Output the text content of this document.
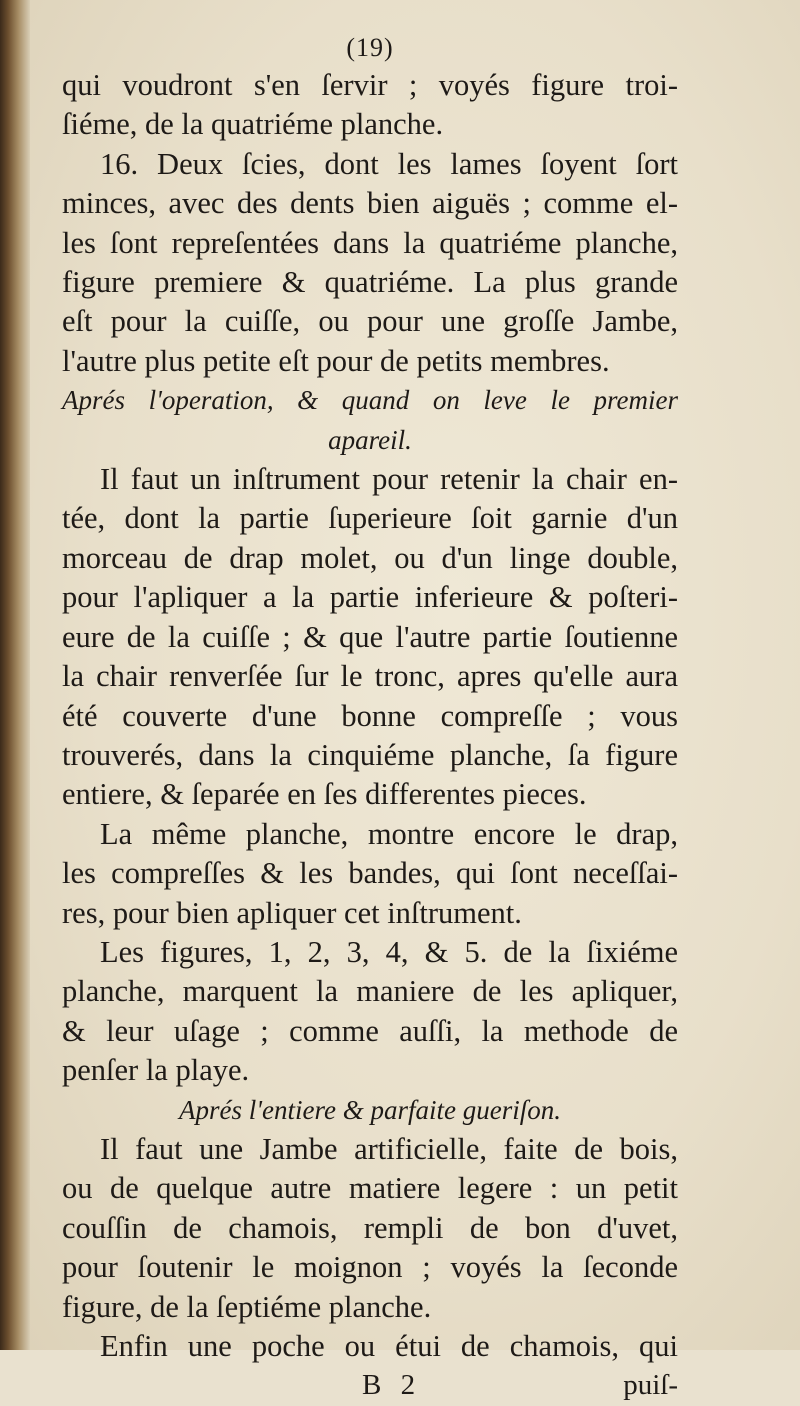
(19)
qui voudront s'en ſervir ; voyés figure troi-
ſiéme, de la quatriéme planche.
16. Deux ſcies, dont les lames ſoyent ſort
minces, avec des dents bien aiguës ; comme el-
les ſont repreſentées dans la quatriéme planche,
figure premiere & quatriéme. La plus grande
eſt pour la cuiſſe, ou pour une groſſe Jambe,
l'autre plus petite eſt pour de petits membres.
Aprés l'operation, & quand on leve le premier
apareil.
Il faut un inſtrument pour retenir la chair en-
tée, dont la partie ſuperieure ſoit garnie d'un
morceau de drap molet, ou d'un linge double,
pour l'apliquer a la partie inferieure & poſteri-
eure de la cuiſſe ; & que l'autre partie ſoutienne
la chair renverſée ſur le tronc, apres qu'elle aura
été couverte d'une bonne compreſſe ; vous
trouverés, dans la cinquiéme planche, ſa figure
entiere, & ſeparée en ſes differentes pieces.
La même planche, montre encore le drap,
les compreſſes & les bandes, qui ſont neceſſai-
res, pour bien apliquer cet inſtrument.
Les figures, 1, 2, 3, 4, & 5. de la ſixiéme
planche, marquent la maniere de les apliquer,
& leur uſage ; comme auſſi, la methode de
penſer la playe.
Aprés l'entiere & parfaite gueriſon.
Il faut une Jambe artificielle, faite de bois,
ou de quelque autre matiere legere : un petit
couſſin de chamois, rempli de bon d'uvet,
pour ſoutenir le moignon ; voyés la ſeconde
figure, de la ſeptiéme planche.
Enfin une poche ou étui de chamois, qui
B 2	puiſ-
